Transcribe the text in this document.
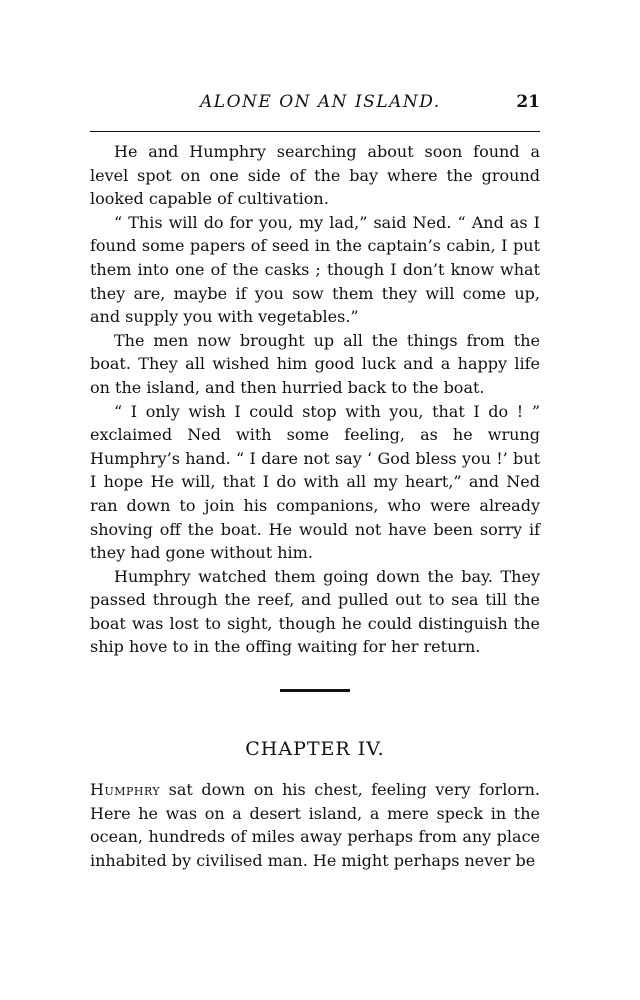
ALONE ON AN ISLAND.	21

He and Humphry searching about soon found a level spot on one side of the bay where the ground looked capable of cultivation.

“ This will do for you, my lad,” said Ned. “ And as I found some papers of seed in the captain’s cabin, I put them into one of the casks ; though I don’t know what they are, maybe if you sow them they will come up, and supply you with vegetables.”

The men now brought up all the things from the boat. They all wished him good luck and a happy life on the island, and then hurried back to the boat.

“ I only wish I could stop with you, that I do ! ” exclaimed Ned with some feeling, as he wrung Humphry’s hand. “ I dare not say ‘ God bless you !’ but I hope He will, that I do with all my heart,” and Ned ran down to join his companions, who were already shoving off the boat. He would not have been sorry if they had gone without him.

Humphry watched them going down the bay. They passed through the reef, and pulled out to sea till the boat was lost to sight, though he could distinguish the ship hove to in the offing waiting for her return.

CHAPTER IV.

Humphry sat down on his chest, feeling very forlorn. Here he was on a desert island, a mere speck in the ocean, hundreds of miles away perhaps from any place inhabited by civilised man. He might perhaps never be
